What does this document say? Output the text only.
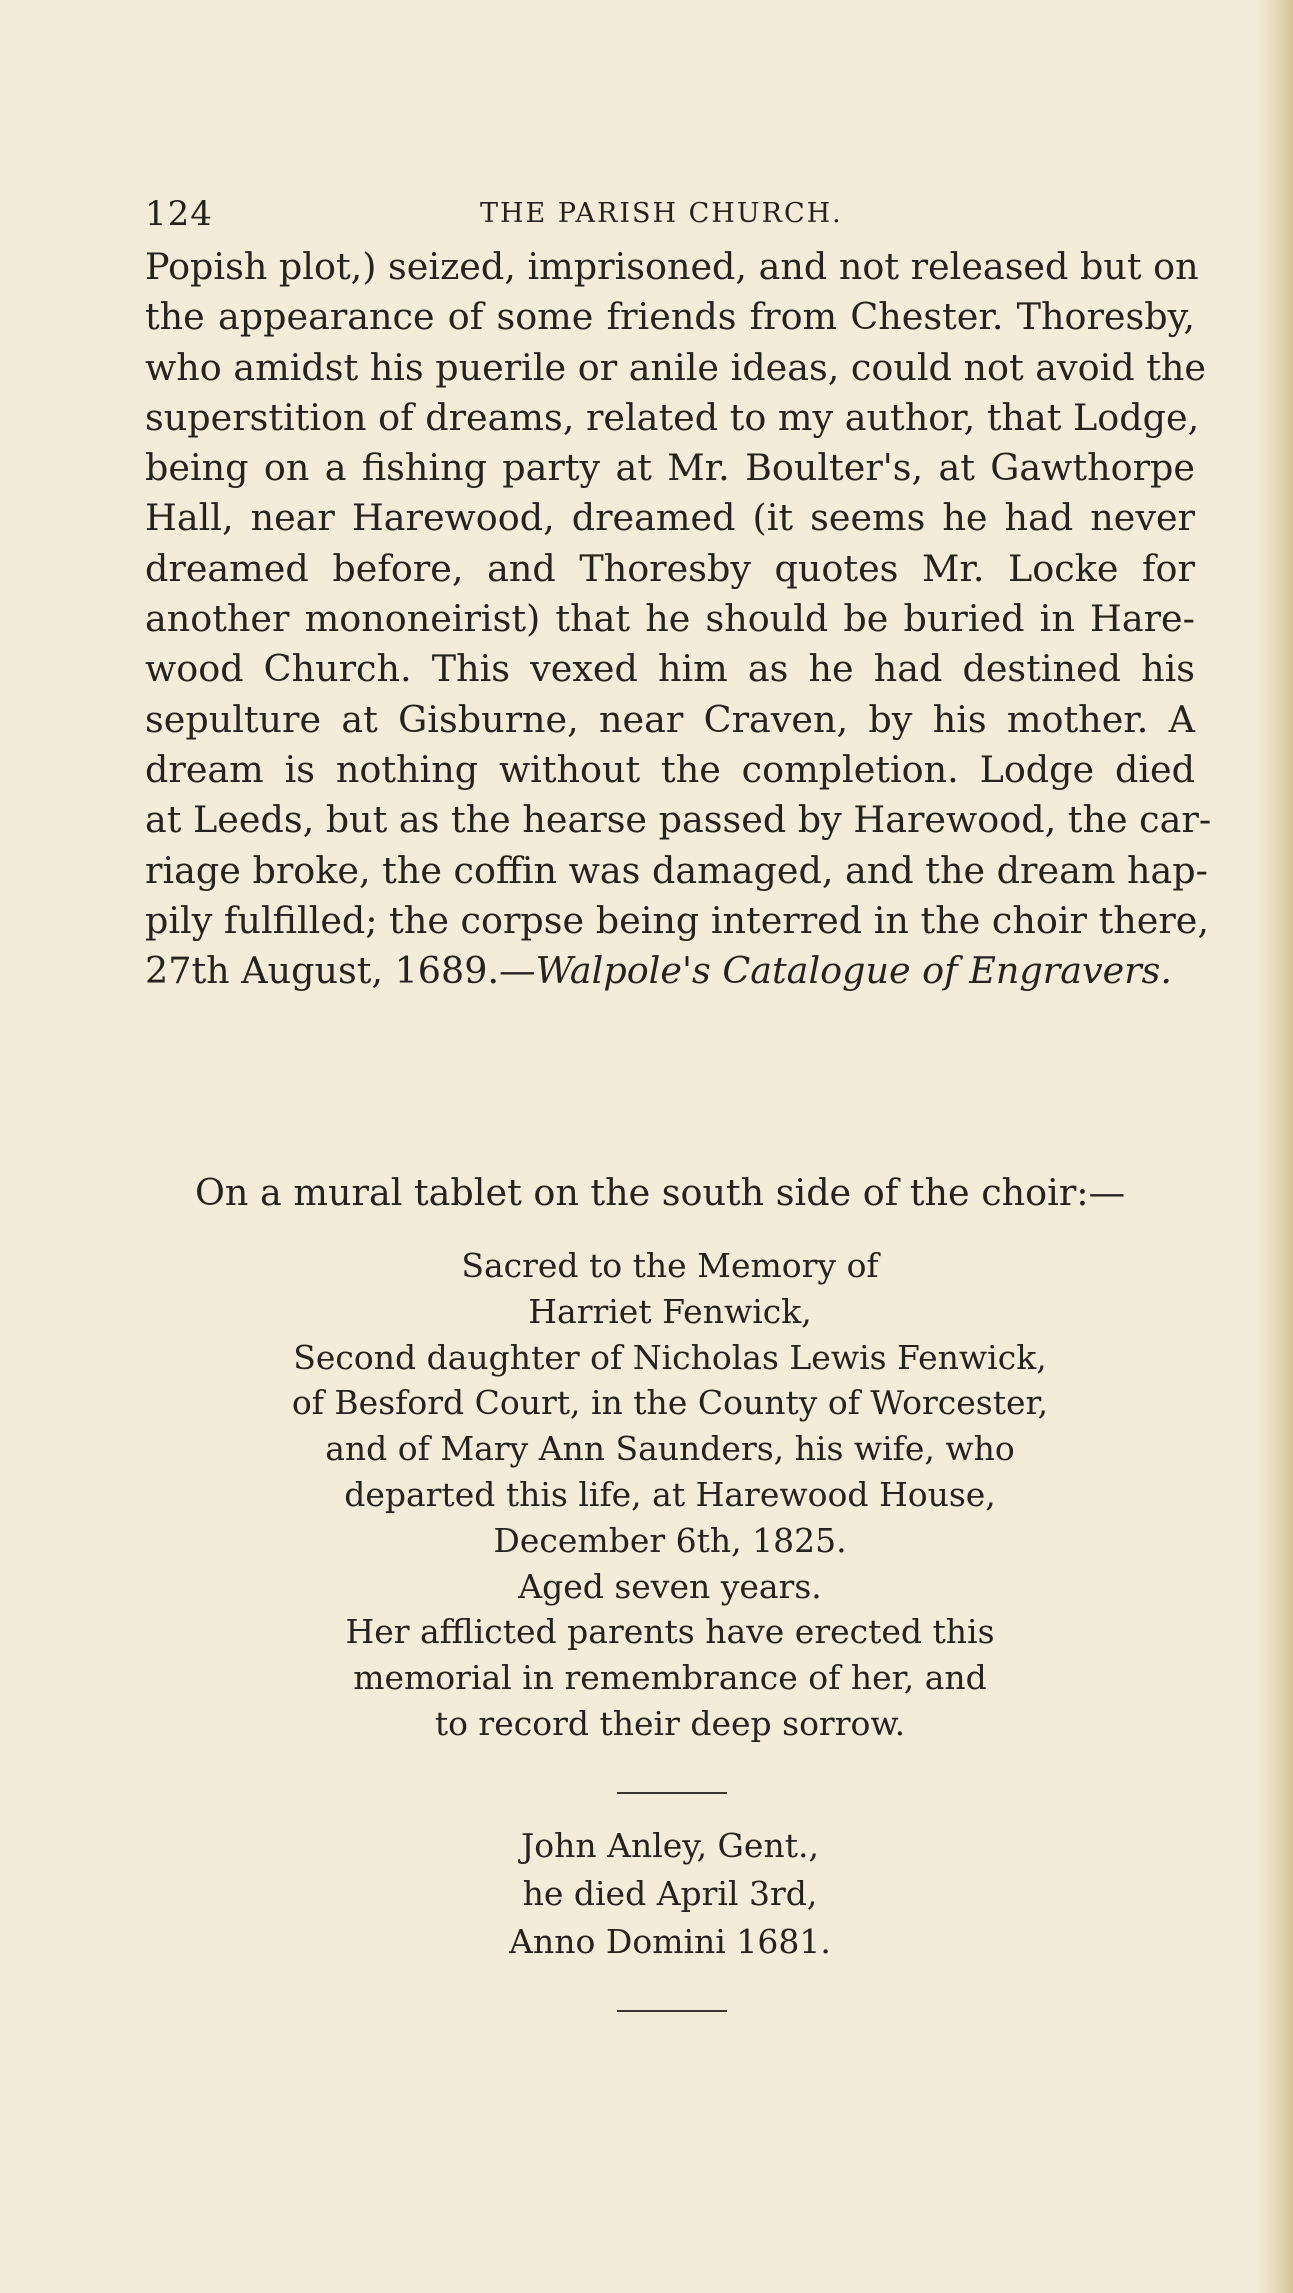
124	THE PARISH CHURCH.

Popish plot,) seized, imprisoned, and not released but on
the appearance of some friends from Chester. Thoresby,
who amidst his puerile or anile ideas, could not avoid the
superstition of dreams, related to my author, that Lodge,
being on a fishing party at Mr. Boulter's, at Gawthorpe
Hall, near Harewood, dreamed (it seems he had never
dreamed before, and Thoresby quotes Mr. Locke for
another mononeirist) that he should be buried in Hare-
wood Church. This vexed him as he had destined his
sepulture at Gisburne, near Craven, by his mother. A
dream is nothing without the completion. Lodge died
at Leeds, but as the hearse passed by Harewood, the car-
riage broke, the coffin was damaged, and the dream hap-
pily fulfilled; the corpse being interred in the choir there,
27th August, 1689.—Walpole's Catalogue of Engravers.

On a mural tablet on the south side of the choir:—

Sacred to the Memory of
Harriet Fenwick,
Second daughter of Nicholas Lewis Fenwick,
of Besford Court, in the County of Worcester,
and of Mary Ann Saunders, his wife, who
departed this life, at Harewood House,
December 6th, 1825.
Aged seven years.
Her afflicted parents have erected this
memorial in remembrance of her, and
to record their deep sorrow.

John Anley, Gent.,
he died April 3rd,
Anno Domini 1681.
